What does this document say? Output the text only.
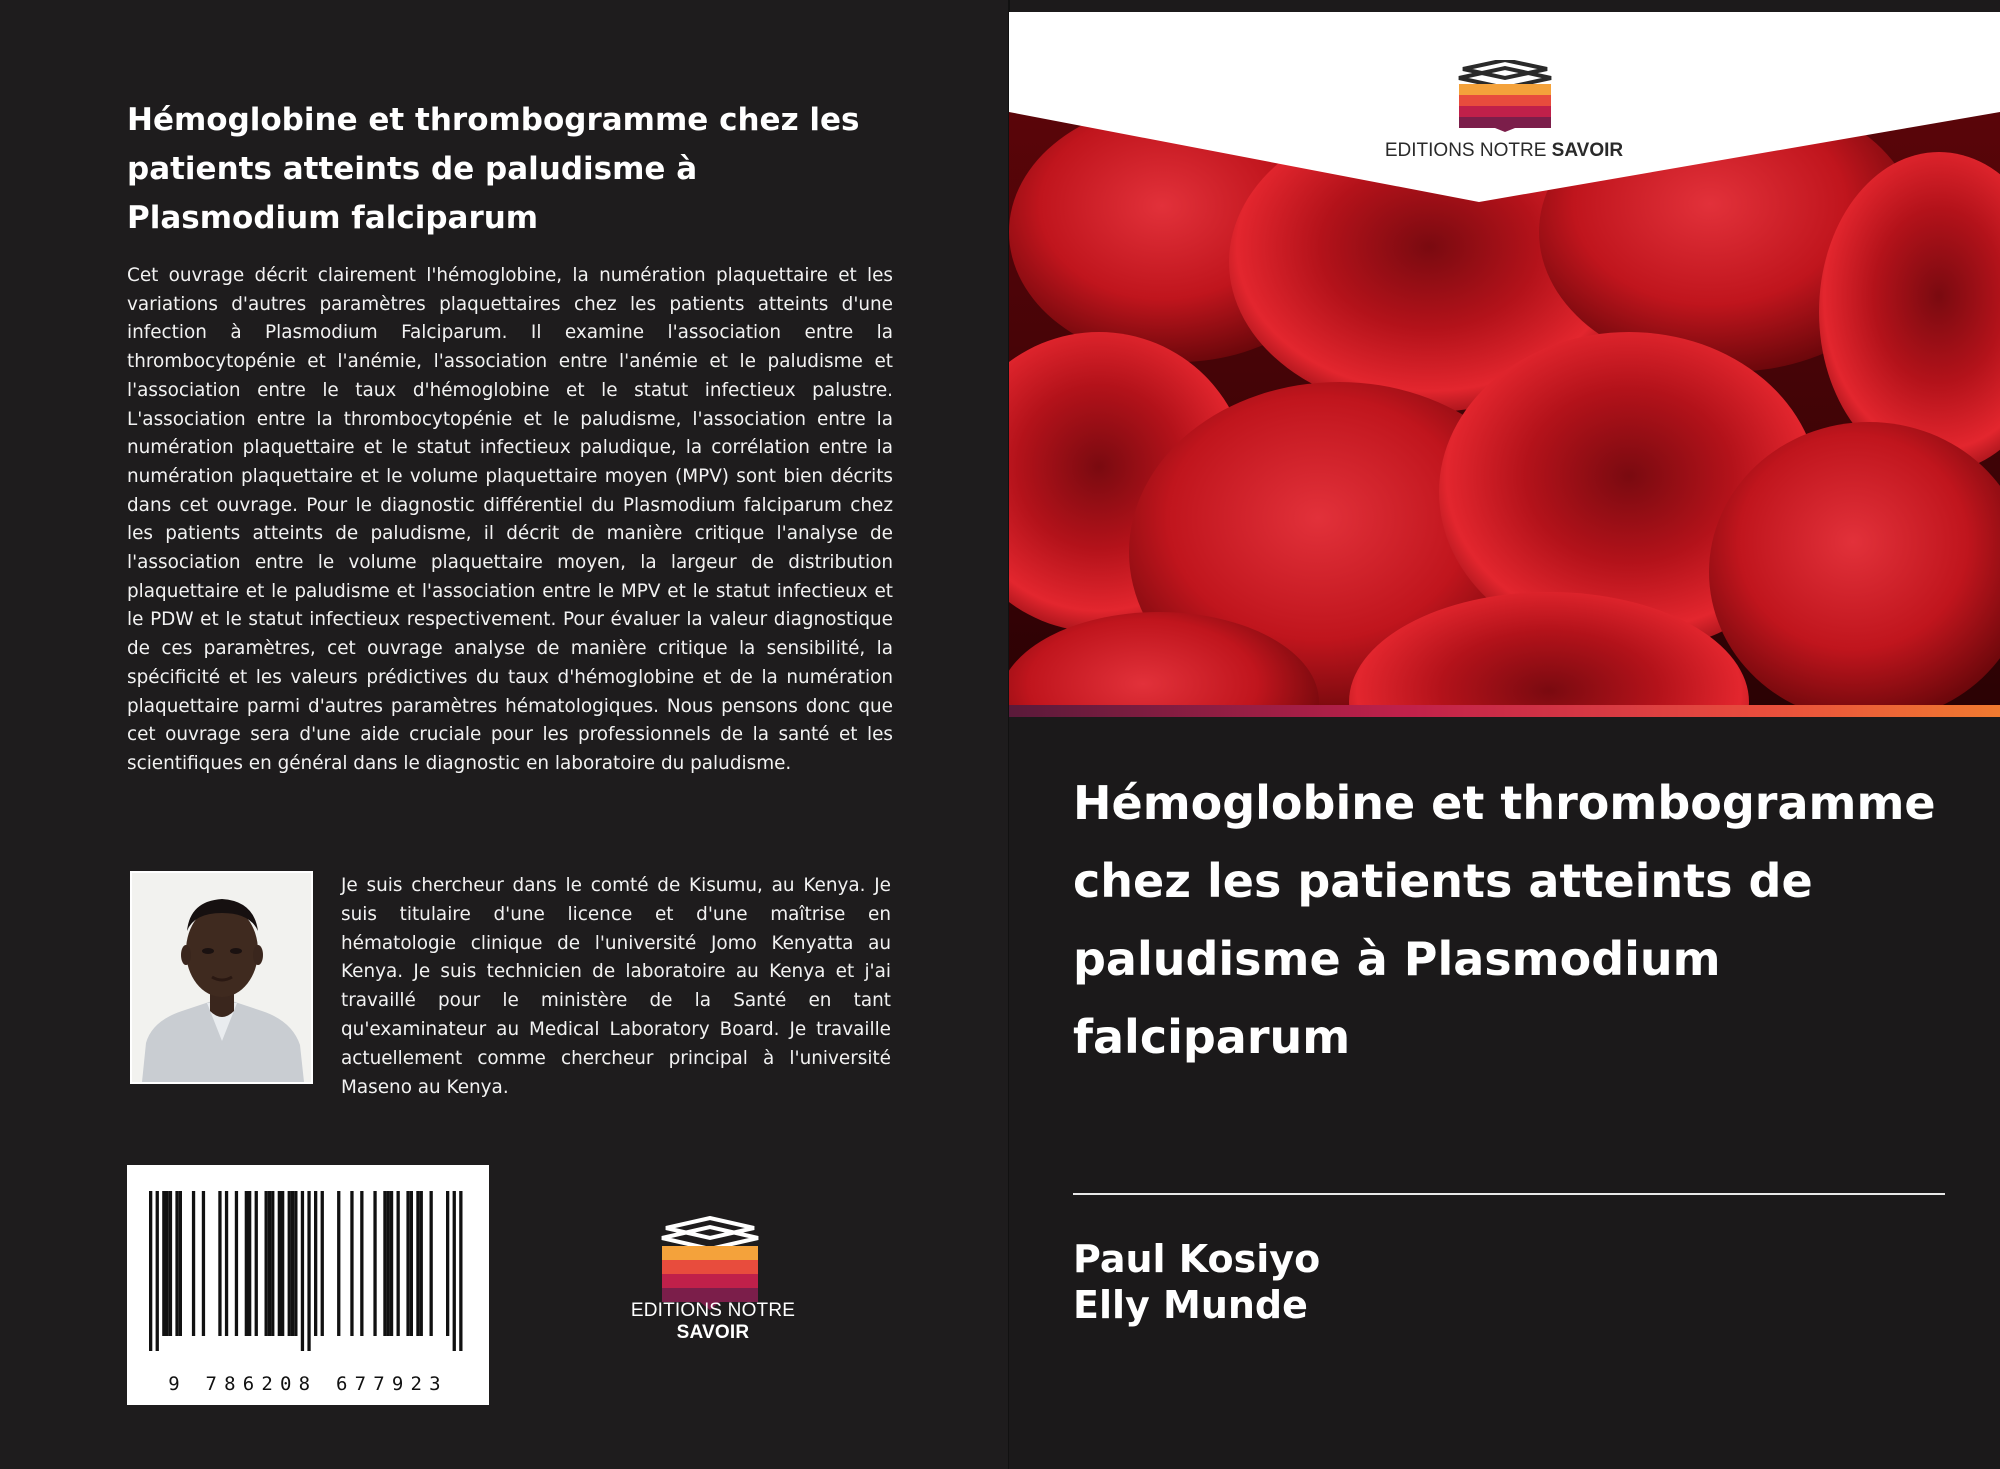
Hémoglobine et thrombogramme chez les patients atteints de paludisme à Plasmodium falciparum
Cet ouvrage décrit clairement l'hémoglobine, la numération plaquettaire et les variations d'autres paramètres plaquettaires chez les patients atteints d'une infection à Plasmodium Falciparum. Il examine l'association entre la thrombocytopénie et l'anémie, l'association entre l'anémie et le paludisme et l'association entre le taux d'hémoglobine et le statut infectieux palustre. L'association entre la thrombocytopénie et le paludisme, l'association entre la numération plaquettaire et le statut infectieux paludique, la corrélation entre la numération plaquettaire et le volume plaquettaire moyen (MPV) sont bien décrits dans cet ouvrage. Pour le diagnostic différentiel du Plasmodium falciparum chez les patients atteints de paludisme, il décrit de manière critique l'analyse de l'association entre le volume plaquettaire moyen, la largeur de distribution plaquettaire et le paludisme et l'association entre le MPV et le statut infectieux et le PDW et le statut infectieux respectivement. Pour évaluer la valeur diagnostique de ces paramètres, cet ouvrage analyse de manière critique la sensibilité, la spécificité et les valeurs prédictives du taux d'hémoglobine et de la numération plaquettaire parmi d'autres paramètres hématologiques. Nous pensons donc que cet ouvrage sera d'une aide cruciale pour les professionnels de la santé et les scientifiques en général dans le diagnostic en laboratoire du paludisme.
Je suis chercheur dans le comté de Kisumu, au Kenya. Je suis titulaire d'une licence et d'une maîtrise en hématologie clinique de l'université Jomo Kenyatta au Kenya. Je suis technicien de laboratoire au Kenya et j'ai travaillé pour le ministère de la Santé en tant qu'examinateur au Medical Laboratory Board. Je travaille actuellement comme chercheur principal à l'université Maseno au Kenya.
9 786208 677923
EDITIONS NOTRE SAVOIR
EDITIONS NOTRE SAVOIR
Hémoglobine et thrombogramme chez les patients atteints de paludisme à Plasmodium falciparum
Paul Kosiyo
Elly Munde
